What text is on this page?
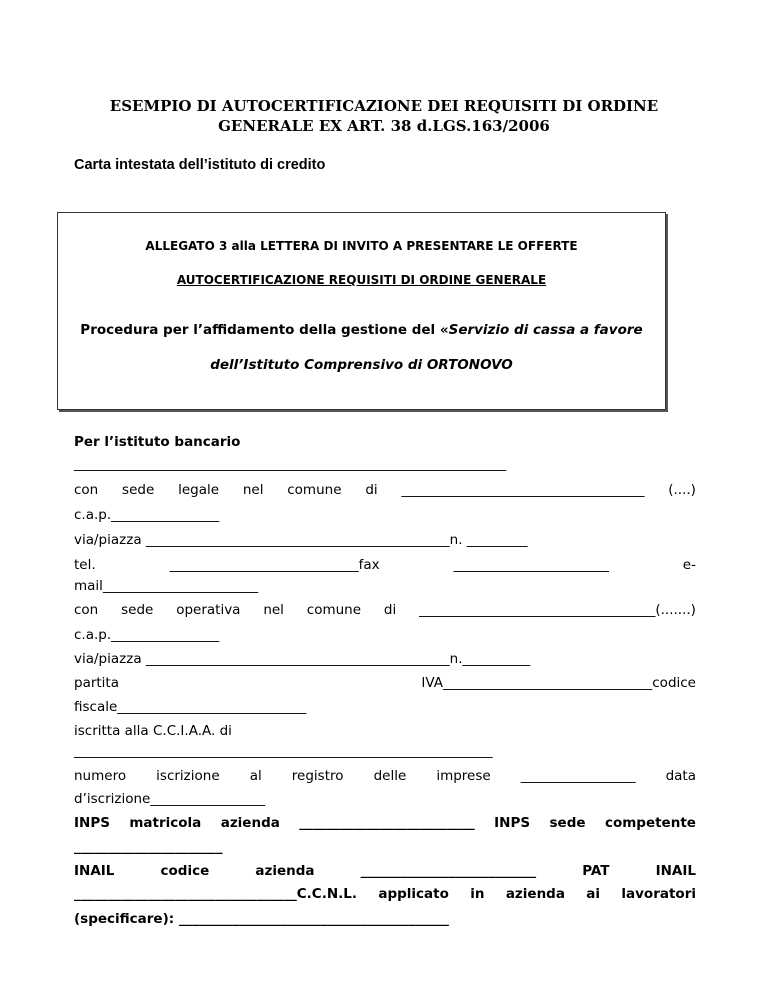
ESEMPIO DI AUTOCERTIFICAZIONE DEI REQUISITI DI ORDINE
GENERALE EX ART. 38 d.LGS.163/2006
Carta intestata dell’istituto di credito
ALLEGATO 3 alla LETTERA DI INVITO A PRESENTARE LE OFFERTE
AUTOCERTIFICAZIONE REQUISITI DI ORDINE GENERALE
Procedura per l’affidamento della gestione del «Servizio di cassa a favore
dell’Istituto Comprensivo di ORTONOVO
Per l’istituto bancario
________________________________________________________________
con sede legale nel comune di ____________________________________ (....)
c.a.p.________________
via/piazza _____________________________________________n. _________
tel.	____________________________fax	_______________________	e-
mail_______________________
con sede operativa nel comune di ___________________________________(.......)
c.a.p.________________
via/piazza _____________________________________________n.__________
partita	IVA_______________________________codice
fiscale____________________________
iscritta alla C.C.I.A.A. di
______________________________________________________________
numero iscrizione al registro delle imprese _________________ data
d’iscrizione_________________
INPS matricola azienda __________________________ INPS sede competente
______________________
INAIL	codice	azienda	__________________________	PAT	INAIL
_________________________________C.C.N.L. applicato in azienda ai lavoratori
(specificare): ________________________________________
